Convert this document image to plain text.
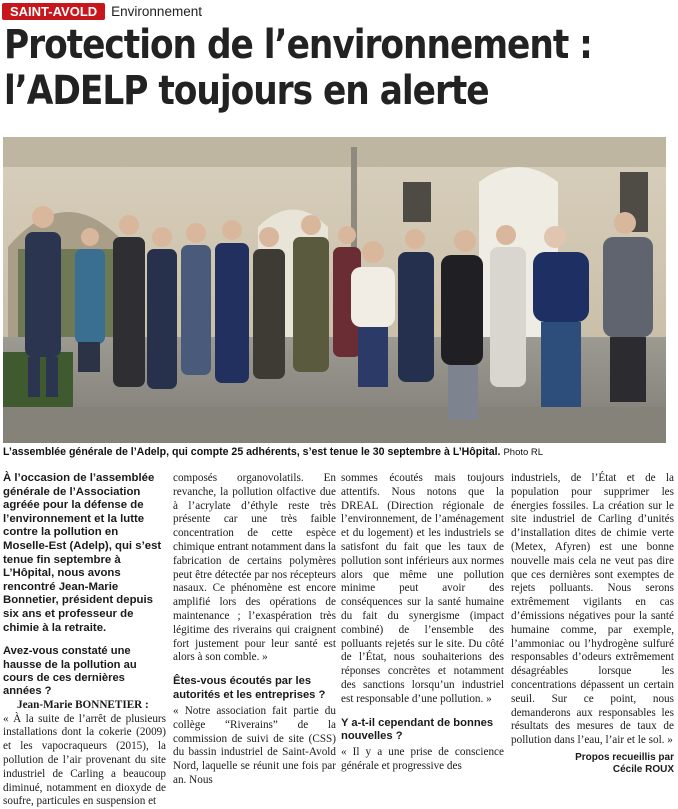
SAINT-AVOLD	Environnement
Protection de l’environnement :
l’ADELP toujours en alerte
L’assemblée générale de l’Adelp, qui compte 25 adhérents, s’est tenue le 30 septembre à L’Hôpital. Photo RL

À l’occasion de l’assemblée générale de l’Association agréée pour la défense de l’environnement et la lutte contre la pollution en Moselle-Est (Adelp), qui s’est tenue fin septembre à L’Hôpital, nous avons rencontré Jean-Marie Bonnetier, président depuis six ans et professeur de chimie à la retraite.

Avez-vous constaté une hausse de la pollution au cours de ces dernières années ?

Jean-Marie BONNETIER :

« À la suite de l’arrêt de plusieurs installations dont la cokerie (2009) et les vapocraqueurs (2015), la pollution de l’air provenant du site industriel de Carling a beaucoup diminué, notamment en dioxyde de soufre, particules en suspension et

composés organovolatils. En revanche, la pollution olfactive due à l’acrylate d’éthyle reste très présente car une très faible concentration de cette espèce chimique entrant notamment dans la fabrication de certains polymères peut être détectée par nos récepteurs nasaux. Ce phénomène est encore amplifié lors des opérations de maintenance ; l’exaspération très légitime des riverains qui craignent fort justement pour leur santé est alors à son comble. »

Êtes-vous écoutés par les autorités et les entreprises ?

« Notre association fait partie du collège “Riverains” de la commission de suivi de site (CSS) du bassin industriel de Saint-Avold Nord, laquelle se réunit une fois par an. Nous

sommes écoutés mais toujours attentifs. Nous notons que la DREAL (Direction régionale de l’environnement, de l’aménagement et du logement) et les industriels se satisfont du fait que les taux de pollution sont inférieurs aux normes alors que même une pollution minime peut avoir des conséquences sur la santé humaine du fait du synergisme (impact combiné) de l’ensemble des polluants rejetés sur le site. Du côté de l’État, nous souhaiterions des réponses concrètes et notamment des sanctions lorsqu’un industriel est responsable d’une pollution. »

Y a-t-il cependant de bonnes nouvelles ?

« Il y a une prise de conscience générale et progressive des

industriels, de l’État et de la population pour supprimer les énergies fossiles. La création sur le site industriel de Carling d’unités d’installation dites de chimie verte (Metex, Afyren) est une bonne nouvelle mais cela ne veut pas dire que ces dernières sont exemptes de rejets polluants. Nous serons extrêmement vigilants en cas d’émissions négatives pour la santé humaine comme, par exemple, l’ammoniac ou l’hydrogène sulfuré responsables d’odeurs extrêmement désagréables lorsque les concentrations dépassent un certain seuil. Sur ce point, nous demanderons aux responsables les résultats des mesures de taux de pollution dans l’eau, l’air et le sol. »

Propos recueillis par
Cécile ROUX
